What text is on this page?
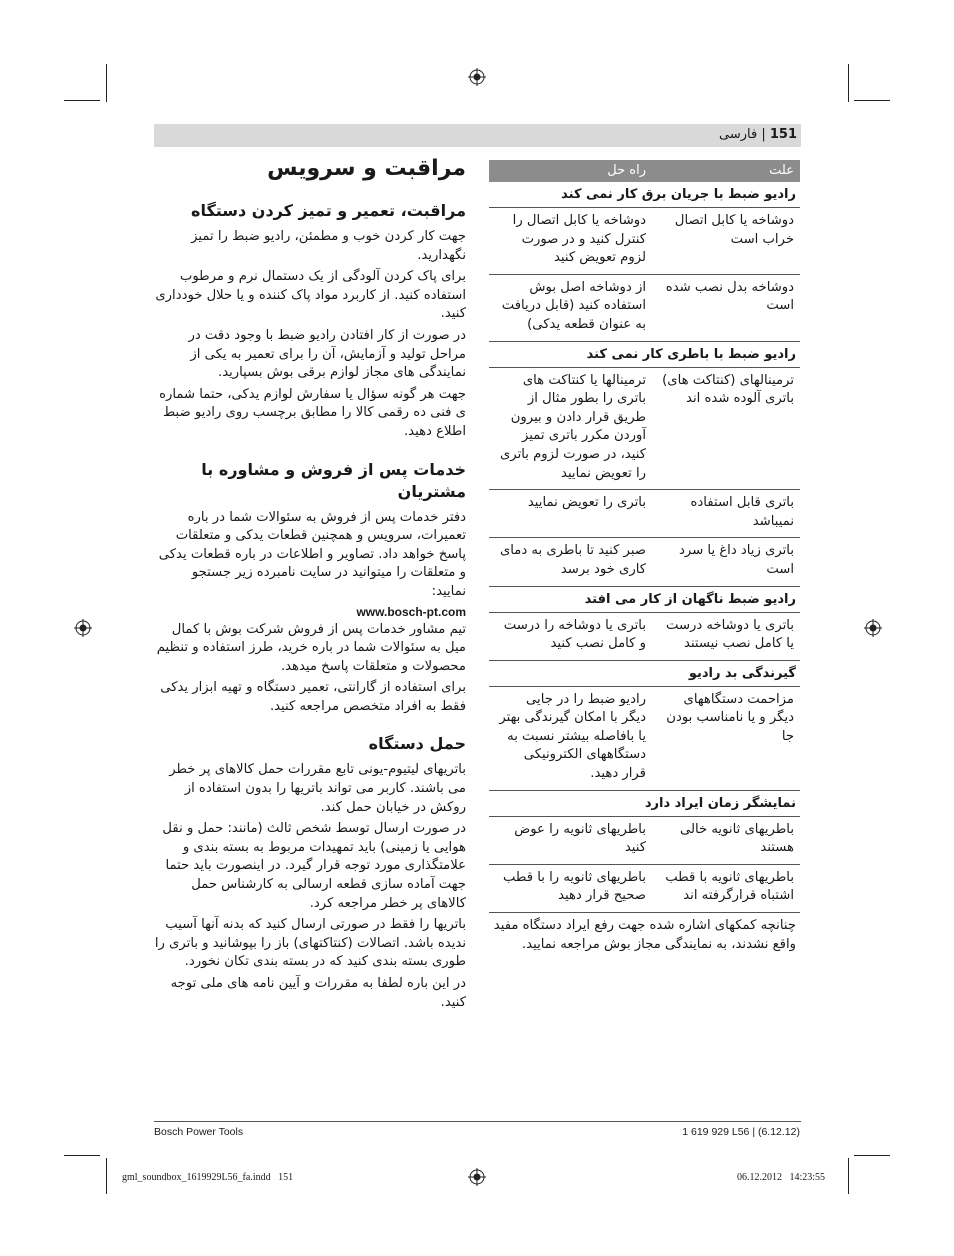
151 | فارسی
مراقبت و سرویس
مراقبت، تعمیر و تمیز کردن دستگاه

جهت کار کردن خوب و مطمئن، رادیو ضبط را تمیز نگهدارید.

برای پاک کردن آلودگی از یک دستمال نرم و مرطوب استفاده کنید. از کاربرد مواد پاک کننده و یا حلال خودداری کنید.

در صورت از کار افتادن رادیو ضبط با وجود دقت در مراحل تولید و آزمایش، آن را برای تعمیر به یکی از نمایندگی های مجاز لوازم برقی بوش بسپارید.

جهت هر گونه سؤال یا سفارش لوازم یدکی، حتما شماره ی فنی ده رقمی کالا را مطابق برچسب روی رادیو ضبط اطلاع دهید.

خدمات پس از فروش و مشاوره با مشتریان

دفتر خدمات پس از فروش به سئوالات شما در باره تعمیرات، سرویس و همچنین قطعات یدکی و متعلقات پاسخ خواهد داد. تصاویر و اطلاعات در باره قطعات یدکی و متعلقات را میتوانید در سایت نامبرده زیر جستجو نمایید:

www.bosch-pt.com

تیم مشاور خدمات پس از فروش شرکت بوش با کمال میل به سئوالات شما در باره خرید، طرز استفاده و تنظیم محصولات و متعلقات پاسخ میدهد.

برای استفاده از گارانتی، تعمیر دستگاه و تهیه ابزار یدکی فقط به افراد متخصص مراجعه کنید.

حمل دستگاه

باتریهای لیتیوم-یونی تابع مقررات حمل کالاهای پر خطر می باشند. کاربر می تواند باتریها را بدون استفاده از روکش در خیابان حمل کند.

در صورت ارسال توسط شخص ثالث (مانند: حمل و نقل هوایی یا زمینی) باید تمهیدات مربوط به بسته بندی و علامتگذاری مورد توجه قرار گیرد. در اینصورت باید حتما جهت آماده سازی قطعه ارسالی به کارشناس حمل کالاهای پر خطر مراجعه کرد.

باتریها را فقط در صورتی ارسال کنید که بدنه آنها آسیب ندیده باشد. اتصالات (کنتاکتهای) باز را بپوشانید و باتری را طوری بسته بندی کنید که در بسته بندی تکان نخورد.

در این باره لطفا به مقررات و آیین نامه های ملی توجه کنید.

علت
راه حل
رادیو ضبط با جریان برق کار نمی کند
دوشاخه یا کابل اتصال خراب است
دوشاخه یا کابل اتصال را کنترل کنید و در صورت لزوم تعویض کنید
دوشاخه بدل نصب شده است
از دوشاخه اصل بوش استفاده کنید (قابل دریافت به عنوان قطعه یدکی)
رادیو ضبط با باطری کار نمی کند
ترمینالهای (کنتاکت های) باتری آلوده شده اند
ترمینالها یا کنتاکت های باتری را بطور مثال از طریق قرار دادن و بیرون آوردن مکرر باتری تمیز کنید، در صورت لزوم باتری را تعویض نمایید
باتری قابل استفاده نمیباشد
باتری را تعویض نمایید
باتری زیاد داغ یا سرد است
صبر کنید تا باطری به دمای کاری خود برسد
رادیو ضبط ناگهان از کار می افتد
باتری یا دوشاخه درست یا کامل نصب نیستند
باتری یا دوشاخه را درست و کامل نصب کنید
گیرندگی بد رادیو
مزاحمت دستگاههای دیگر و یا نامناسب بودن جا
رادیو ضبط را در جایی دیگر با امکان گیرندگی بهتر یا بافاصله بیشتر نسبت به دستگاههای الکترونیکی قرار دهید.
نمایشگر زمان ایراد دارد
باطریهای ثانویه خالی هستند
باطریهای ثانویه را عوض کنید
باطریهای ثانویه با قطب اشتباه قرارگرفته اند
باطریهای ثانویه را با قطب صحیح قرار دهید
چنانچه کمکهای اشاره شده جهت رفع ایراد دستگاه مفید واقع نشدند، به نمایندگی مجاز بوش مراجعه نمایید.
Bosch Power Tools	1 619 929 L56 | (6.12.12)
gml_soundbox_1619929L56_fa.indd   151	06.12.2012   14:23:55
